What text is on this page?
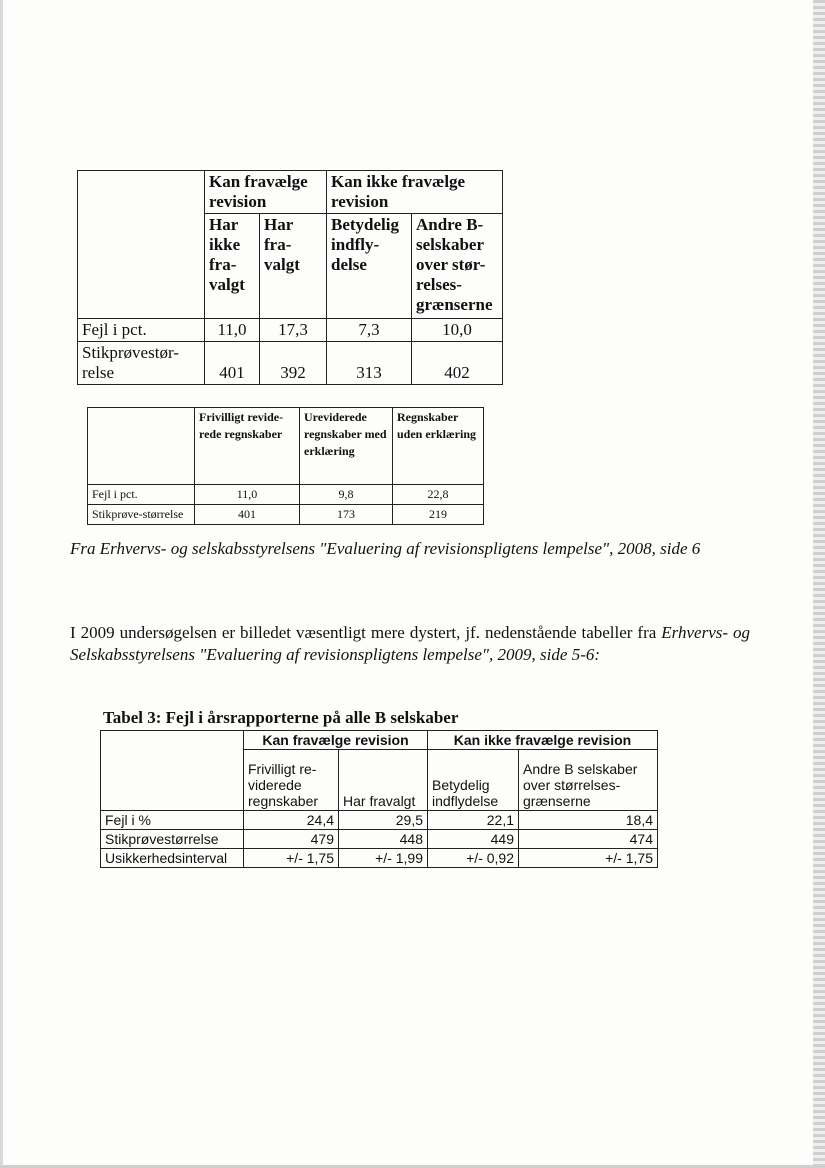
	Kan fravælge revision		Kan ikke fravælge revision	
	Har ikke fra-valgt	Har fra-valgt	Betydelig indfly-delse	Andre B-selskaber over stør-relses-grænserne
Fejl i pct.	11,0	17,3	7,3	10,0
Stikprøvestør-relse	401	392	313	402
	Frivilligt revide-rede regnskaber	Ureviderede regnskaber med erklæring	Regnskaber uden erklæring
Fejl i pct.	11,0	9,8	22,8
Stikprøve-størrelse	401	173	219
Fra Erhvervs- og selskabsstyrelsens "Evaluering af revisionspligtens lempelse", 2008, side 6
I 2009 undersøgelsen er billedet væsentligt mere dystert, jf. nedenstående tabeller fra Erhvervs- og Selskabsstyrelsens "Evaluering af revisionspligtens lempelse", 2009, side 5-6:
Tabel 3: Fejl i årsrapporterne på alle B selskaber
	Kan fravælge revision		Kan ikke fravælge revision	
	Frivilligt re-viderede regnskaber	Har fravalgt	Betydelig indflydelse	Andre B selskaber over størrelses-grænserne
Fejl i %	24,4	29,5	22,1	18,4
Stikprøvestørrelse	479	448	449	474
Usikkerhedsinterval	+/- 1,75	+/- 1,99	+/- 0,92	+/- 1,75
